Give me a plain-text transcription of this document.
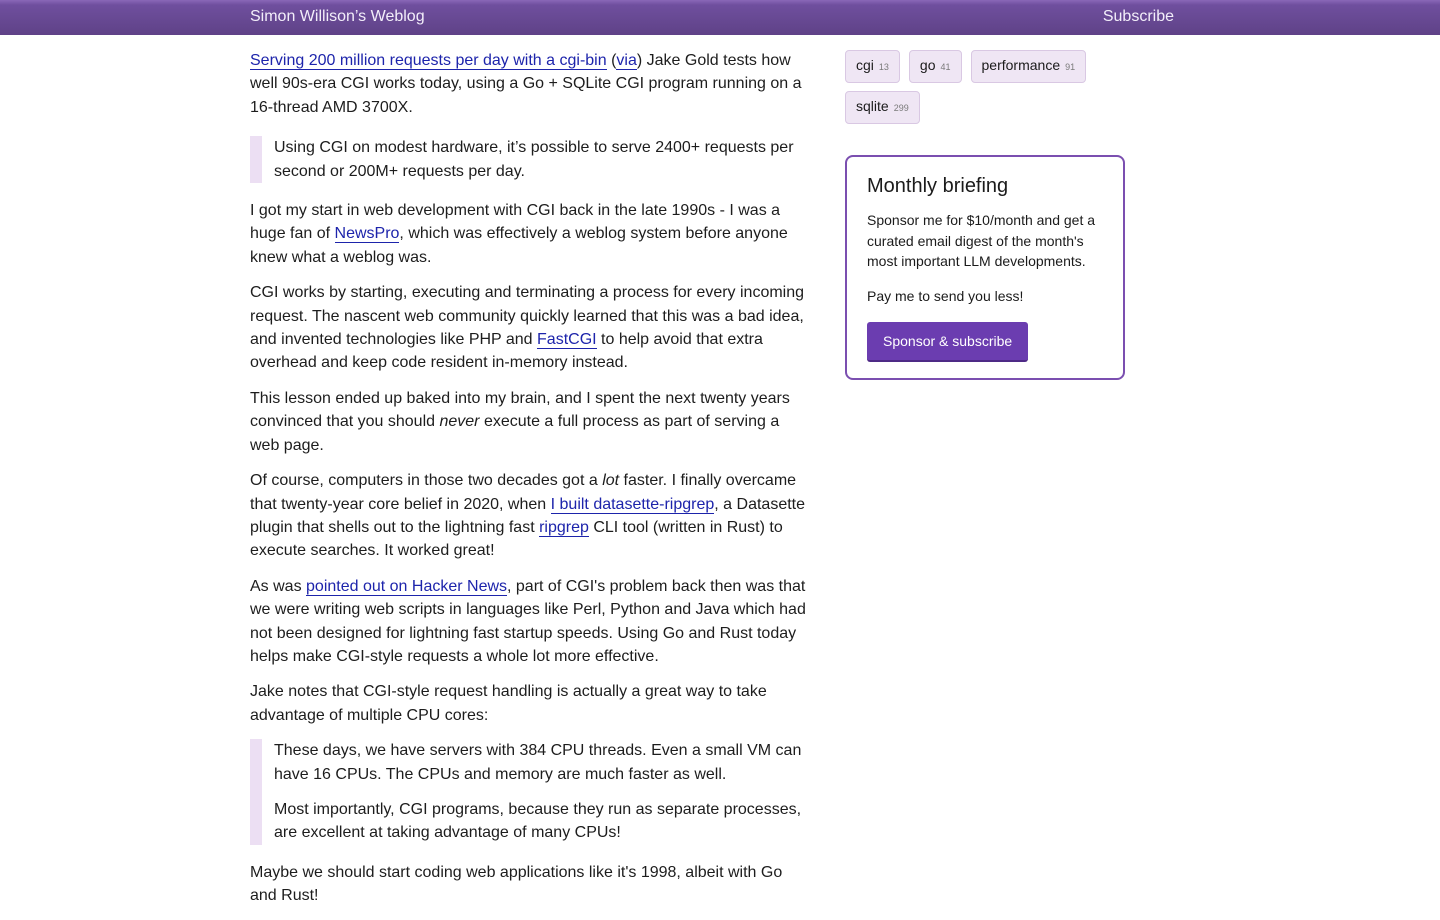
Simon Willison’s Weblog	Subscribe

Serving 200 million requests per day with a cgi-bin (via) Jake Gold tests how well 90s-era CGI works today, using a Go + SQLite CGI program running on a 16-thread AMD 3700X.

Using CGI on modest hardware, it’s possible to serve 2400+ requests per second or 200M+ requests per day.

I got my start in web development with CGI back in the late 1990s - I was a huge fan of NewsPro, which was effectively a weblog system before anyone knew what a weblog was.

CGI works by starting, executing and terminating a process for every incoming request. The nascent web community quickly learned that this was a bad idea, and invented technologies like PHP and FastCGI to help avoid that extra overhead and keep code resident in-memory instead.

This lesson ended up baked into my brain, and I spent the next twenty years convinced that you should never execute a full process as part of serving a web page.

Of course, computers in those two decades got a lot faster. I finally overcame that twenty-year core belief in 2020, when I built datasette-ripgrep, a Datasette plugin that shells out to the lightning fast ripgrep CLI tool (written in Rust) to execute searches. It worked great!

As was pointed out on Hacker News, part of CGI's problem back then was that we were writing web scripts in languages like Perl, Python and Java which had not been designed for lightning fast startup speeds. Using Go and Rust today helps make CGI-style requests a whole lot more effective.

Jake notes that CGI-style request handling is actually a great way to take advantage of multiple CPU cores:

These days, we have servers with 384 CPU threads. Even a small VM can have 16 CPUs. The CPUs and memory are much faster as well.

Most importantly, CGI programs, because they run as separate processes, are excellent at taking advantage of many CPUs!

Maybe we should start coding web applications like it's 1998, albeit with Go and Rust!

cgi 13 go 41 performance 91
sqlite 299
Monthly briefing

Sponsor me for $10/month and get a curated email digest of the month's most important LLM developments.

Pay me to send you less!

Sponsor & subscribe
